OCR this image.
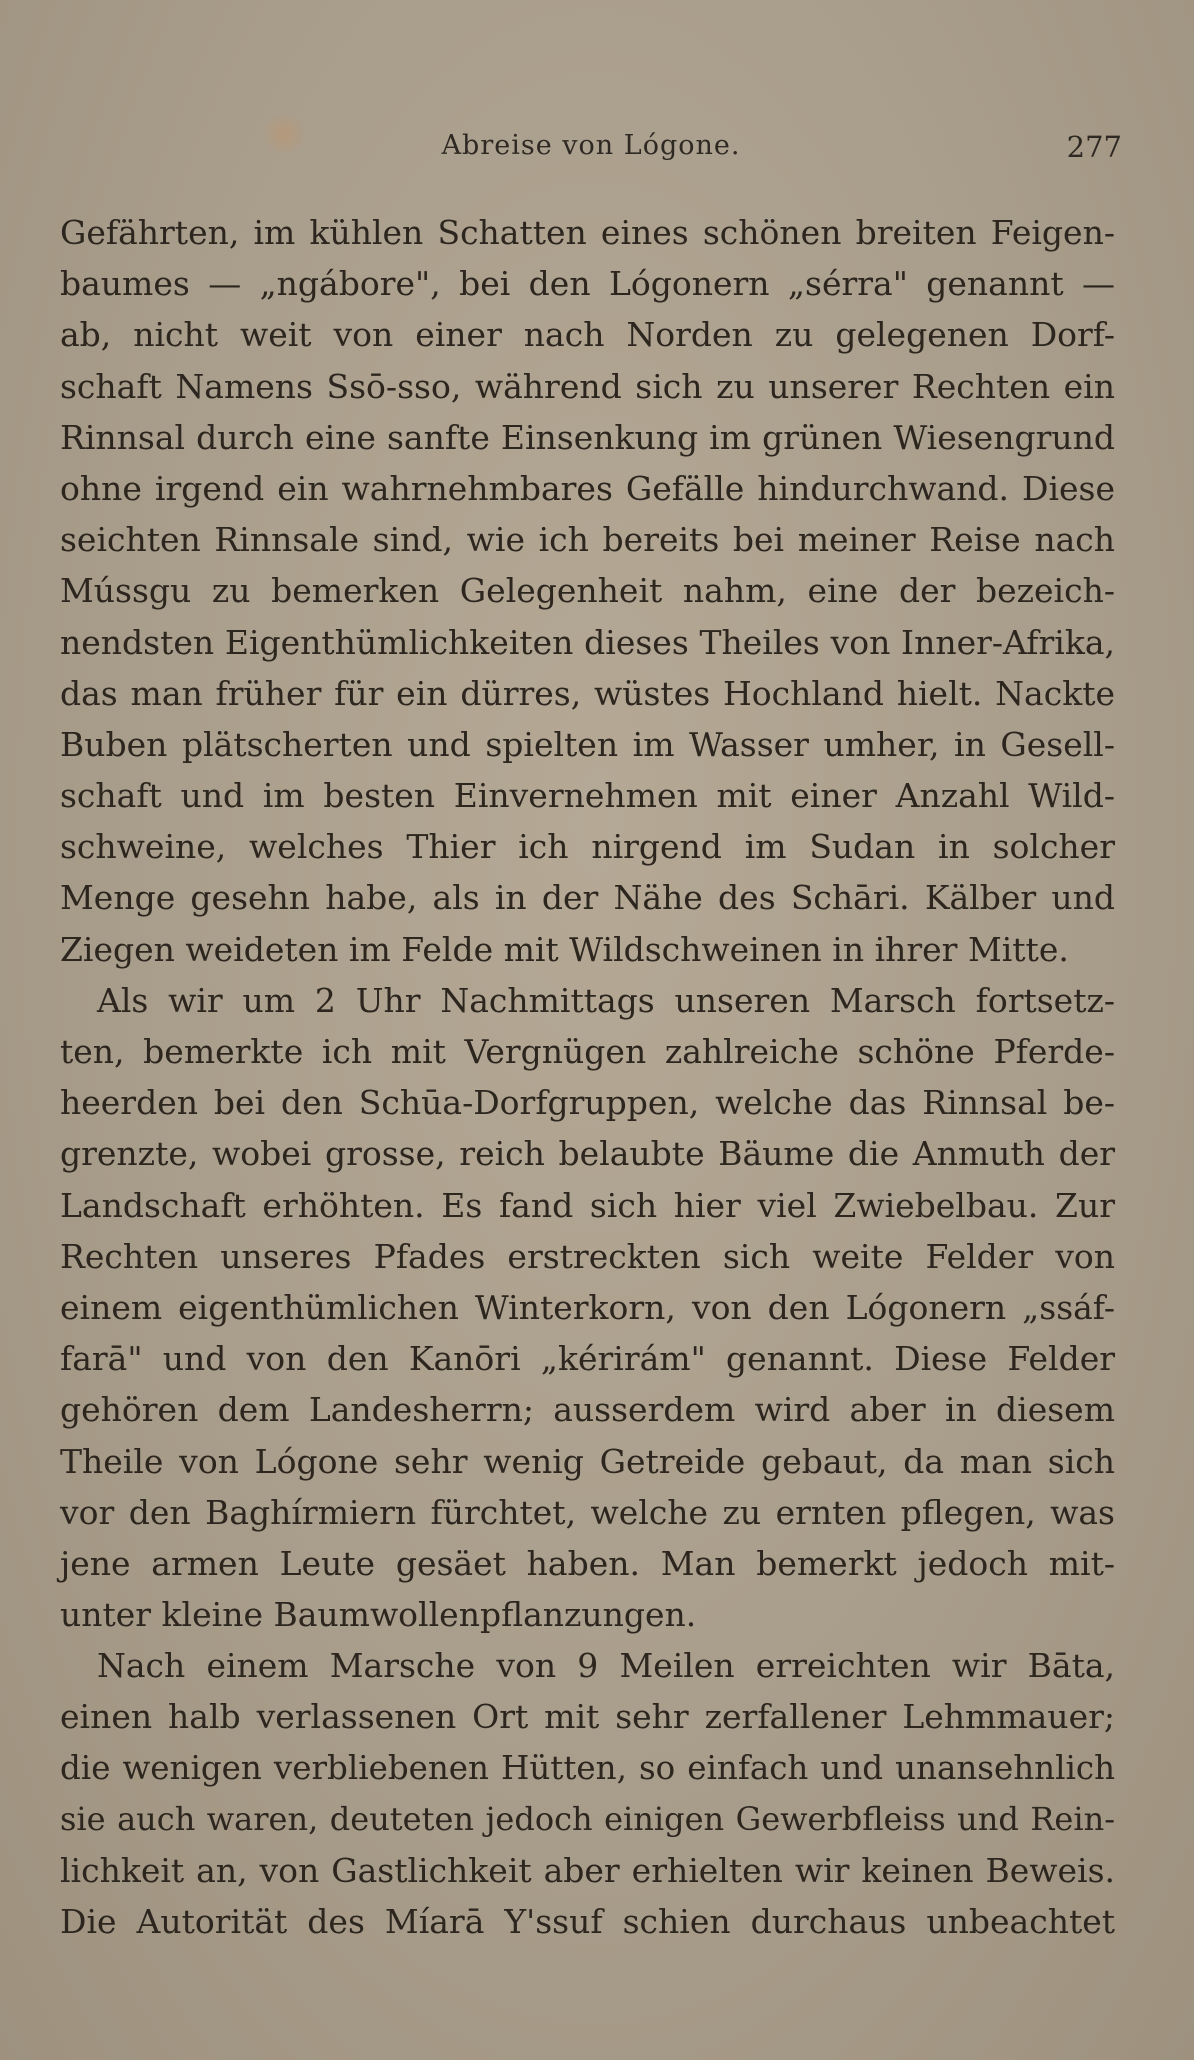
Abreise von Lógone.	277
Gefährten, im kühlen Schatten eines schönen breiten Feigen-
baumes — „ngábore", bei den Lógonern „sérra" genannt —
ab, nicht weit von einer nach Norden zu gelegenen Dorf-
schaft Namens Ssō-sso, während sich zu unserer Rechten ein
Rinnsal durch eine sanfte Einsenkung im grünen Wiesengrund
ohne irgend ein wahrnehmbares Gefälle hindurchwand. Diese
seichten Rinnsale sind, wie ich bereits bei meiner Reise nach
Mússgu zu bemerken Gelegenheit nahm, eine der bezeich-
nendsten Eigenthümlichkeiten dieses Theiles von Inner-Afrika,
das man früher für ein dürres, wüstes Hochland hielt. Nackte
Buben plätscherten und spielten im Wasser umher, in Gesell-
schaft und im besten Einvernehmen mit einer Anzahl Wild-
schweine, welches Thier ich nirgend im Sudan in solcher
Menge gesehn habe, als in der Nähe des Schāri. Kälber und
Ziegen weideten im Felde mit Wildschweinen in ihrer Mitte.
Als wir um 2 Uhr Nachmittags unseren Marsch fortsetz-
ten, bemerkte ich mit Vergnügen zahlreiche schöne Pferde-
heerden bei den Schūa-Dorfgruppen, welche das Rinnsal be-
grenzte, wobei grosse, reich belaubte Bäume die Anmuth der
Landschaft erhöhten. Es fand sich hier viel Zwiebelbau. Zur
Rechten unseres Pfades erstreckten sich weite Felder von
einem eigenthümlichen Winterkorn, von den Lógonern „ssáf-
farā" und von den Kanōri „kérirám" genannt. Diese Felder
gehören dem Landesherrn; ausserdem wird aber in diesem
Theile von Lógone sehr wenig Getreide gebaut, da man sich
vor den Baghírmiern fürchtet, welche zu ernten pflegen, was
jene armen Leute gesäet haben. Man bemerkt jedoch mit-
unter kleine Baumwollenpflanzungen.
Nach einem Marsche von 9 Meilen erreichten wir Bāta,
einen halb verlassenen Ort mit sehr zerfallener Lehmmauer;
die wenigen verbliebenen Hütten, so einfach und unansehnlich
sie auch waren, deuteten jedoch einigen Gewerbfleiss und Rein-
lichkeit an, von Gastlichkeit aber erhielten wir keinen Beweis.
Die Autorität des Míarā Y'ssuf schien durchaus unbeachtet
